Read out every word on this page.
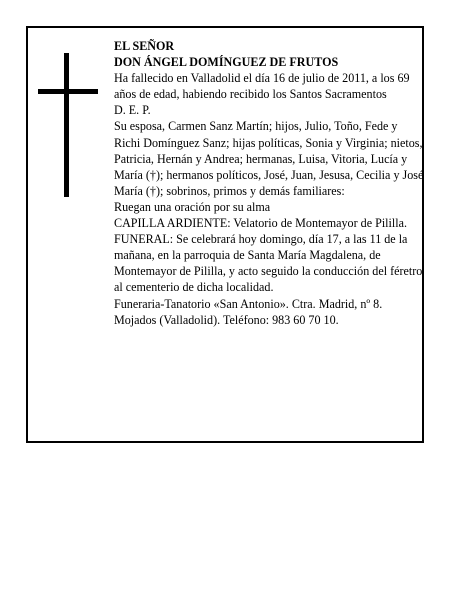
EL SEÑOR

DON ÁNGEL DOMÍNGUEZ DE FRUTOS

Ha fallecido en Valladolid el día 16 de julio de 2011, a los 69 años de edad, habiendo recibido los Santos Sacramentos

D. E. P.

Su esposa, Carmen Sanz Martín; hijos, Julio, Toño, Fede y Richi Domínguez Sanz; hijas políticas, Sonia y Virginia; nietos, Patricia, Hernán y Andrea; hermanas, Luisa, Vitoria, Lucía y María (†); hermanos políticos, José, Juan, Jesusa, Cecilia y José María (†); sobrinos, primos y demás familiares:

Ruegan una oración por su alma

CAPILLA ARDIENTE: Velatorio de Montemayor de Pililla.

FUNERAL: Se celebrará hoy domingo, día 17, a las 11 de la mañana, en la parroquia de Santa María Magdalena, de Montemayor de Pililla, y acto seguido la conducción del féretro al cementerio de dicha localidad.

Funeraria-Tanatorio «San Antonio». Ctra. Madrid, nº 8. Mojados (Valladolid). Teléfono: 983 60 70 10.
